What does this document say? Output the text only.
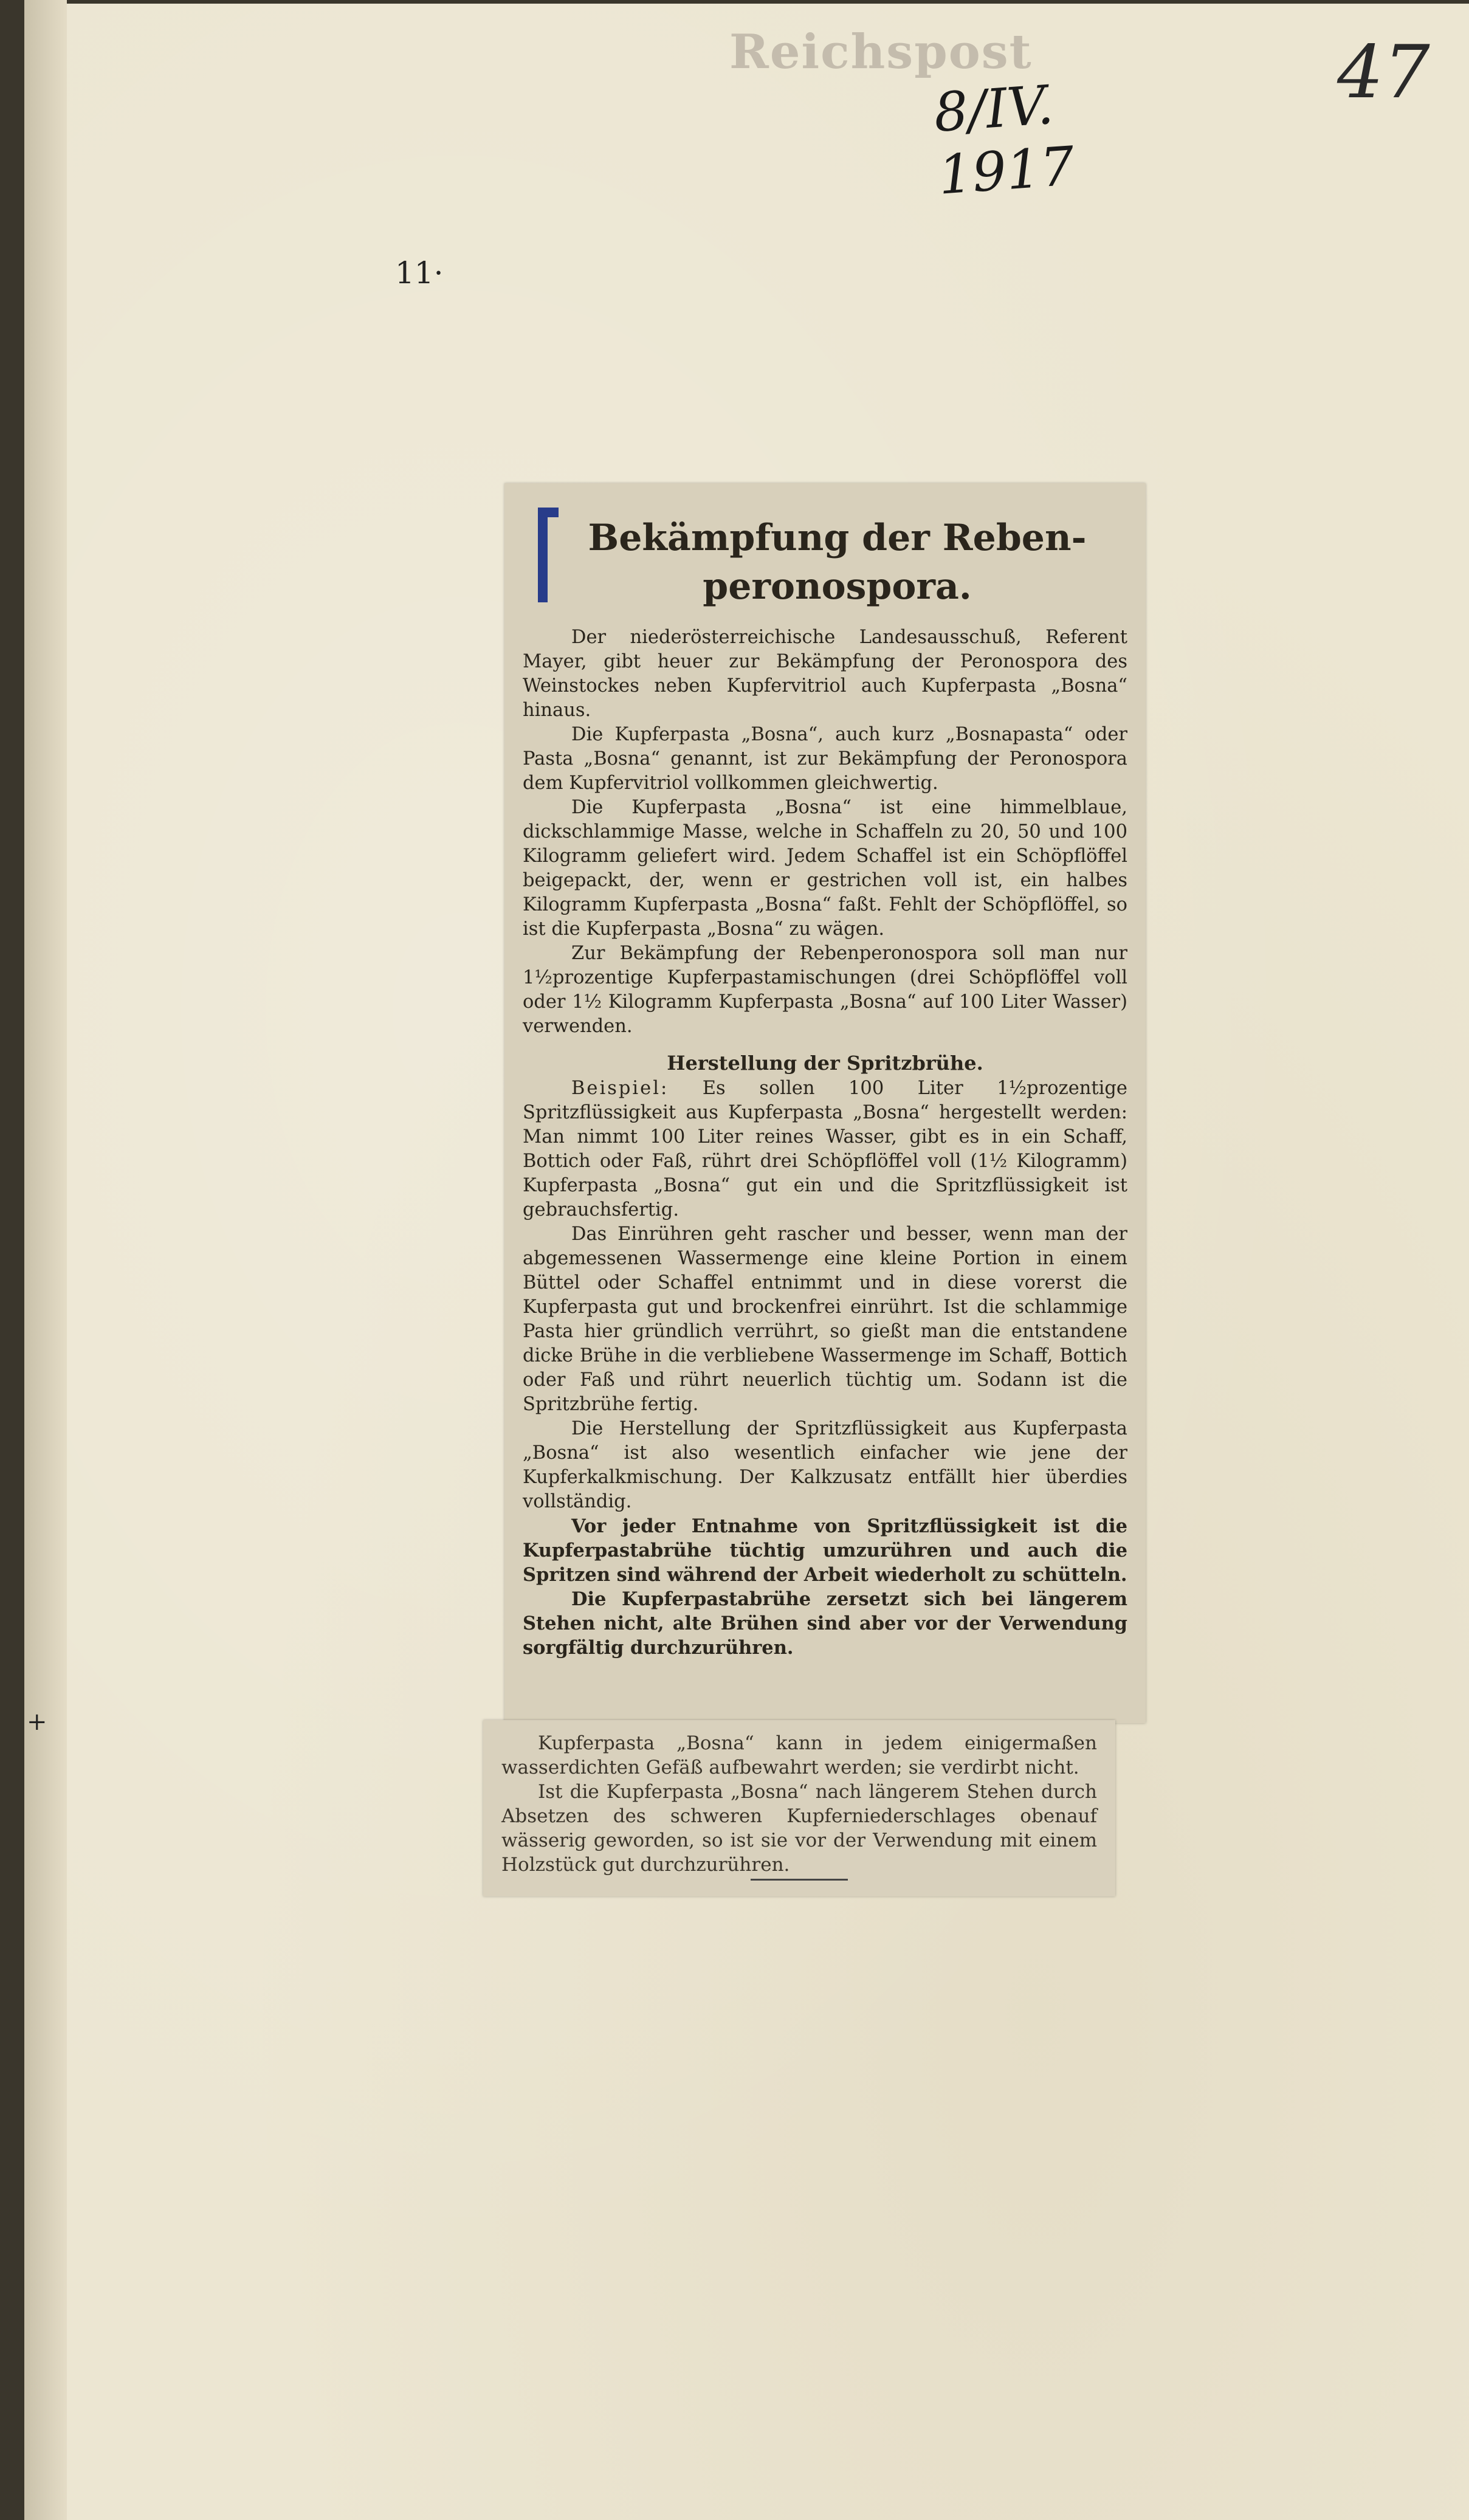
Reichspost
8/IV. 1917
47
11·
+
Bekämpfung der Reben-peronospora.

Der niederösterreichische Landesausschuß, Referent Mayer, gibt heuer zur Bekämpfung der Peronospora des Weinstockes neben Kupfervitriol auch Kupferpasta „Bosna“ hinaus.

Die Kupferpasta „Bosna“, auch kurz „Bosnapasta“ oder Pasta „Bosna“ genannt, ist zur Bekämpfung der Peronospora dem Kupfervitriol vollkommen gleichwertig.

Die Kupferpasta „Bosna“ ist eine himmelblaue, dickschlammige Masse, welche in Schaffeln zu 20, 50 und 100 Kilogramm geliefert wird. Jedem Schaffel ist ein Schöpflöffel beigepackt, der, wenn er gestrichen voll ist, ein halbes Kilogramm Kupferpasta „Bosna“ faßt. Fehlt der Schöpflöffel, so ist die Kupferpasta „Bosna“ zu wägen.

Zur Bekämpfung der Rebenperonospora soll man nur 1½prozentige Kupferpastamischungen (drei Schöpflöffel voll oder 1½ Kilogramm Kupferpasta „Bosna“ auf 100 Liter Wasser) verwenden.

Herstellung der Spritzbrühe.

Beispiel: Es sollen 100 Liter 1½prozentige Spritzflüssigkeit aus Kupferpasta „Bosna“ hergestellt werden: Man nimmt 100 Liter reines Wasser, gibt es in ein Schaff, Bottich oder Faß, rührt drei Schöpflöffel voll (1½ Kilogramm) Kupferpasta „Bosna“ gut ein und die Spritzflüssigkeit ist gebrauchsfertig.

Das Einrühren geht rascher und besser, wenn man der abgemessenen Wassermenge eine kleine Portion in einem Büttel oder Schaffel entnimmt und in diese vorerst die Kupferpasta gut und brockenfrei einrührt. Ist die schlammige Pasta hier gründlich verrührt, so gießt man die entstandene dicke Brühe in die verbliebene Wassermenge im Schaff, Bottich oder Faß und rührt neuerlich tüchtig um. Sodann ist die Spritzbrühe fertig.

Die Herstellung der Spritzflüssigkeit aus Kupferpasta „Bosna“ ist also wesentlich einfacher wie jene der Kupferkalkmischung. Der Kalkzusatz entfällt hier überdies vollständig.

Vor jeder Entnahme von Spritzflüssigkeit ist die Kupferpastabrühe tüchtig umzurühren und auch die Spritzen sind während der Arbeit wiederholt zu schütteln.

Die Kupferpastabrühe zersetzt sich bei längerem Stehen nicht, alte Brühen sind aber vor der Verwendung sorgfältig durchzurühren.

Kupferpasta „Bosna“ kann in jedem einigermaßen wasserdichten Gefäß aufbewahrt werden; sie verdirbt nicht.

Ist die Kupferpasta „Bosna“ nach längerem Stehen durch Absetzen des schweren Kupferniederschlages obenauf wässerig geworden, so ist sie vor der Verwendung mit einem Holzstück gut durchzurühren.
